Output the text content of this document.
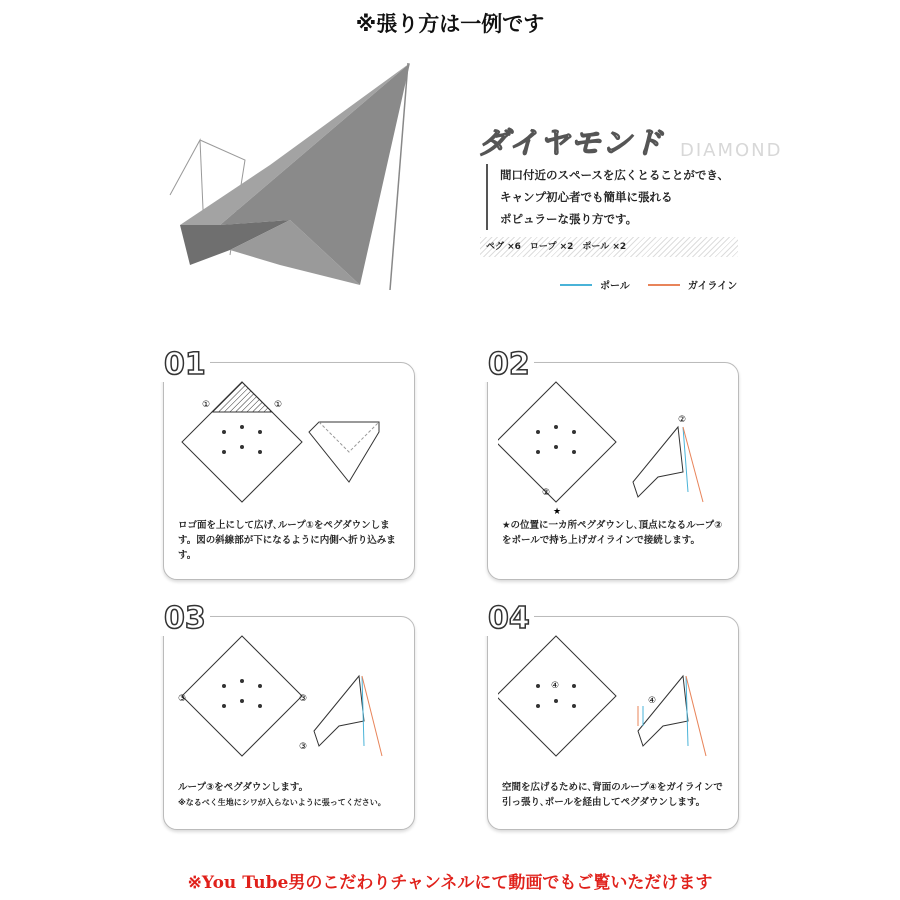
※張り方は一例です
ダイヤモンド DIAMOND
間口付近のスペースを広くとることができ、
キャンプ初心者でも簡単に張れる
ポピュラーな張り方です。
ペグ ×6　ロープ ×2　ポール ×2
ポール	ガイライン
01
①	①
ロゴ面を上にして広げ､ループ①をペグダウンします。図の斜線部が下になるように内側へ折り込みます。
02
②
★
②
★の位置に一カ所ペグダウンし､頂点になるループ②をポールで持ち上げガイラインで接続します。
03
③	③
③
ループ③をペグダウンします。
※なるべく生地にシワが入らないように張ってください。
04
④
④
空間を広げるために､背面のループ④をガイラインで引っ張り､ポールを経由してペグダウンします。
※You Tube男のこだわりチャンネルにて動画でもご覧いただけます
